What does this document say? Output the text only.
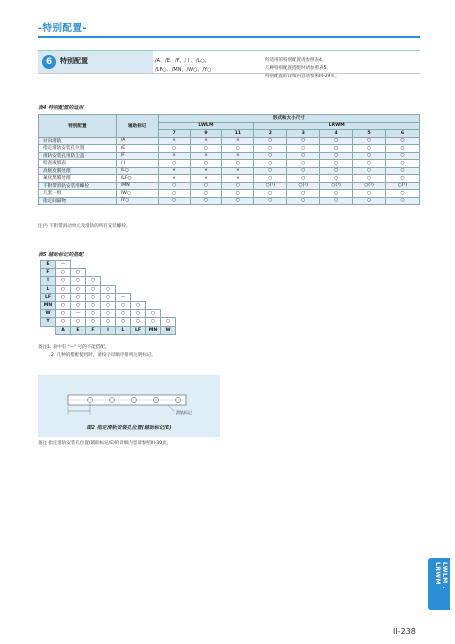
-特别配置-
6	特别配置	/A、/E、/F、/ I 、/L○、
/LF○、/MN、/W○、/Y○
所适用的特别配置请参照表4。
几种特别配置搭配时请参照表5。
特别配置的详细内容请参照III-29页。
表4 特别配置的适用
特别配置	辅助标记	形式和大小尺寸							
		LWLM			LRWM				
		7	9	11	2	3	4	5	6
对向滑轨	/A	×	×	×	○	○	○	○	○
指定滑轨安装孔位置	/E	○	○	○	○	○	○	○	○
滑轨安装孔用防尘盖	/F	×	×	×	○	○	○	○	○
检查成绩表	/ I	○	○	○	○	○	○	○	○
高级皮膜处理	/L○	×	×	×	○	○	○	○	○
氟化黑膜处理	/LF○	×	×	×	○	○	○	○	○
不附带滑轨安装用螺栓	/MN	○	○	○	○(¹)	○(¹)	○(¹)	○(¹)	○(¹)
几套一组	/W○	○	○	○	○	○	○	○	○
指定间隔物	/Y○	○	○	○	○	○	○	○	○
注(¹) 不附带滑动单元及滑轨的所有安装螺栓。
表5 辅助标记的搭配
E	—							
F	○	○						
I	○	○	○					
L	○	○	○	○				
LF	○	○	○	○	—			
MN	○	○	○	○	○	○		
W	○	—	○	○	○	○	○	
Y	○	○	○	○	○	○	○	○
	A	E	F	I	L	LF	MN	W
备注1. 表中有 "—" 号的不能搭配。
2. 几种的搭配使用时，请按字母顺序排列注明标记。
滑轨标记
图2 指定滑轨安装孔位置(辅助标记/E)
备注 指定滑轨安装孔位置(辅助标记/E)的详细内容请参照III-30页。
LWLM . LRWM
II-238
